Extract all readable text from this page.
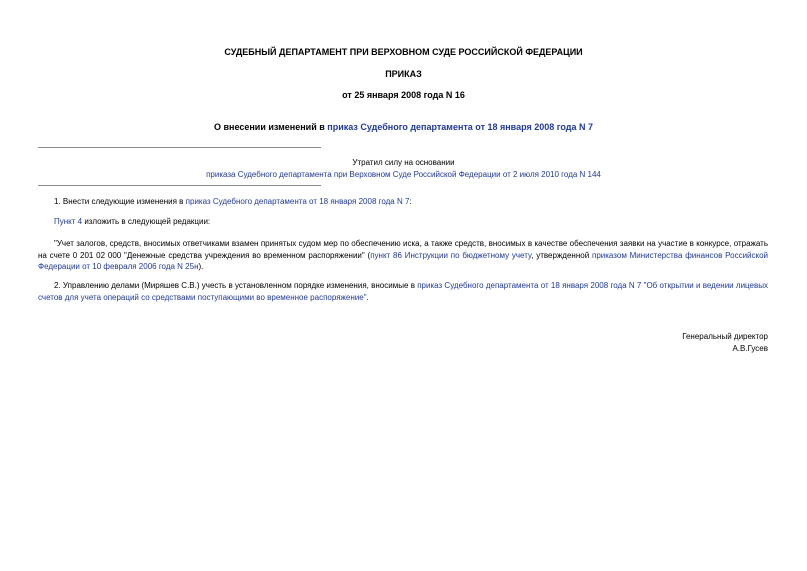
СУДЕБНЫЙ ДЕПАРТАМЕНТ ПРИ ВЕРХОВНОМ СУДЕ РОССИЙСКОЙ ФЕДЕРАЦИИ
ПРИКАЗ
от 25 января 2008 года N 16
О внесении изменений в приказ Судебного департамента от 18 января 2008 года N 7
Утратил силу на основании
приказа Судебного департамента при Верховном Суде Российской Федерации от 2 июля 2010 года N 144
1. Внести следующие изменения в приказ Судебного департамента от 18 января 2008 года N 7:
Пункт 4 изложить в следующей редакции:
"Учет залогов, средств, вносимых ответчиками взамен принятых судом мер по обеспечению иска, а также средств, вносимых в качестве обеспечения заявки на участие в конкурсе, отражать на счете 0 201 02 000 "Денежные средства учреждения во временном распоряжении" (пункт 86 Инструкции по бюджетному учету, утвержденной приказом Министерства финансов Российской Федерации от 10 февраля 2006 года N 25н).
2. Управлению делами (Миряшев С.В.) учесть в установленном порядке изменения, вносимые в приказ Судебного департамента от 18 января 2008 года N 7 "Об открытии и ведении лицевых счетов для учета операций со средствами поступающими во временное распоряжение".
Генеральный директор
А.В.Гусев
